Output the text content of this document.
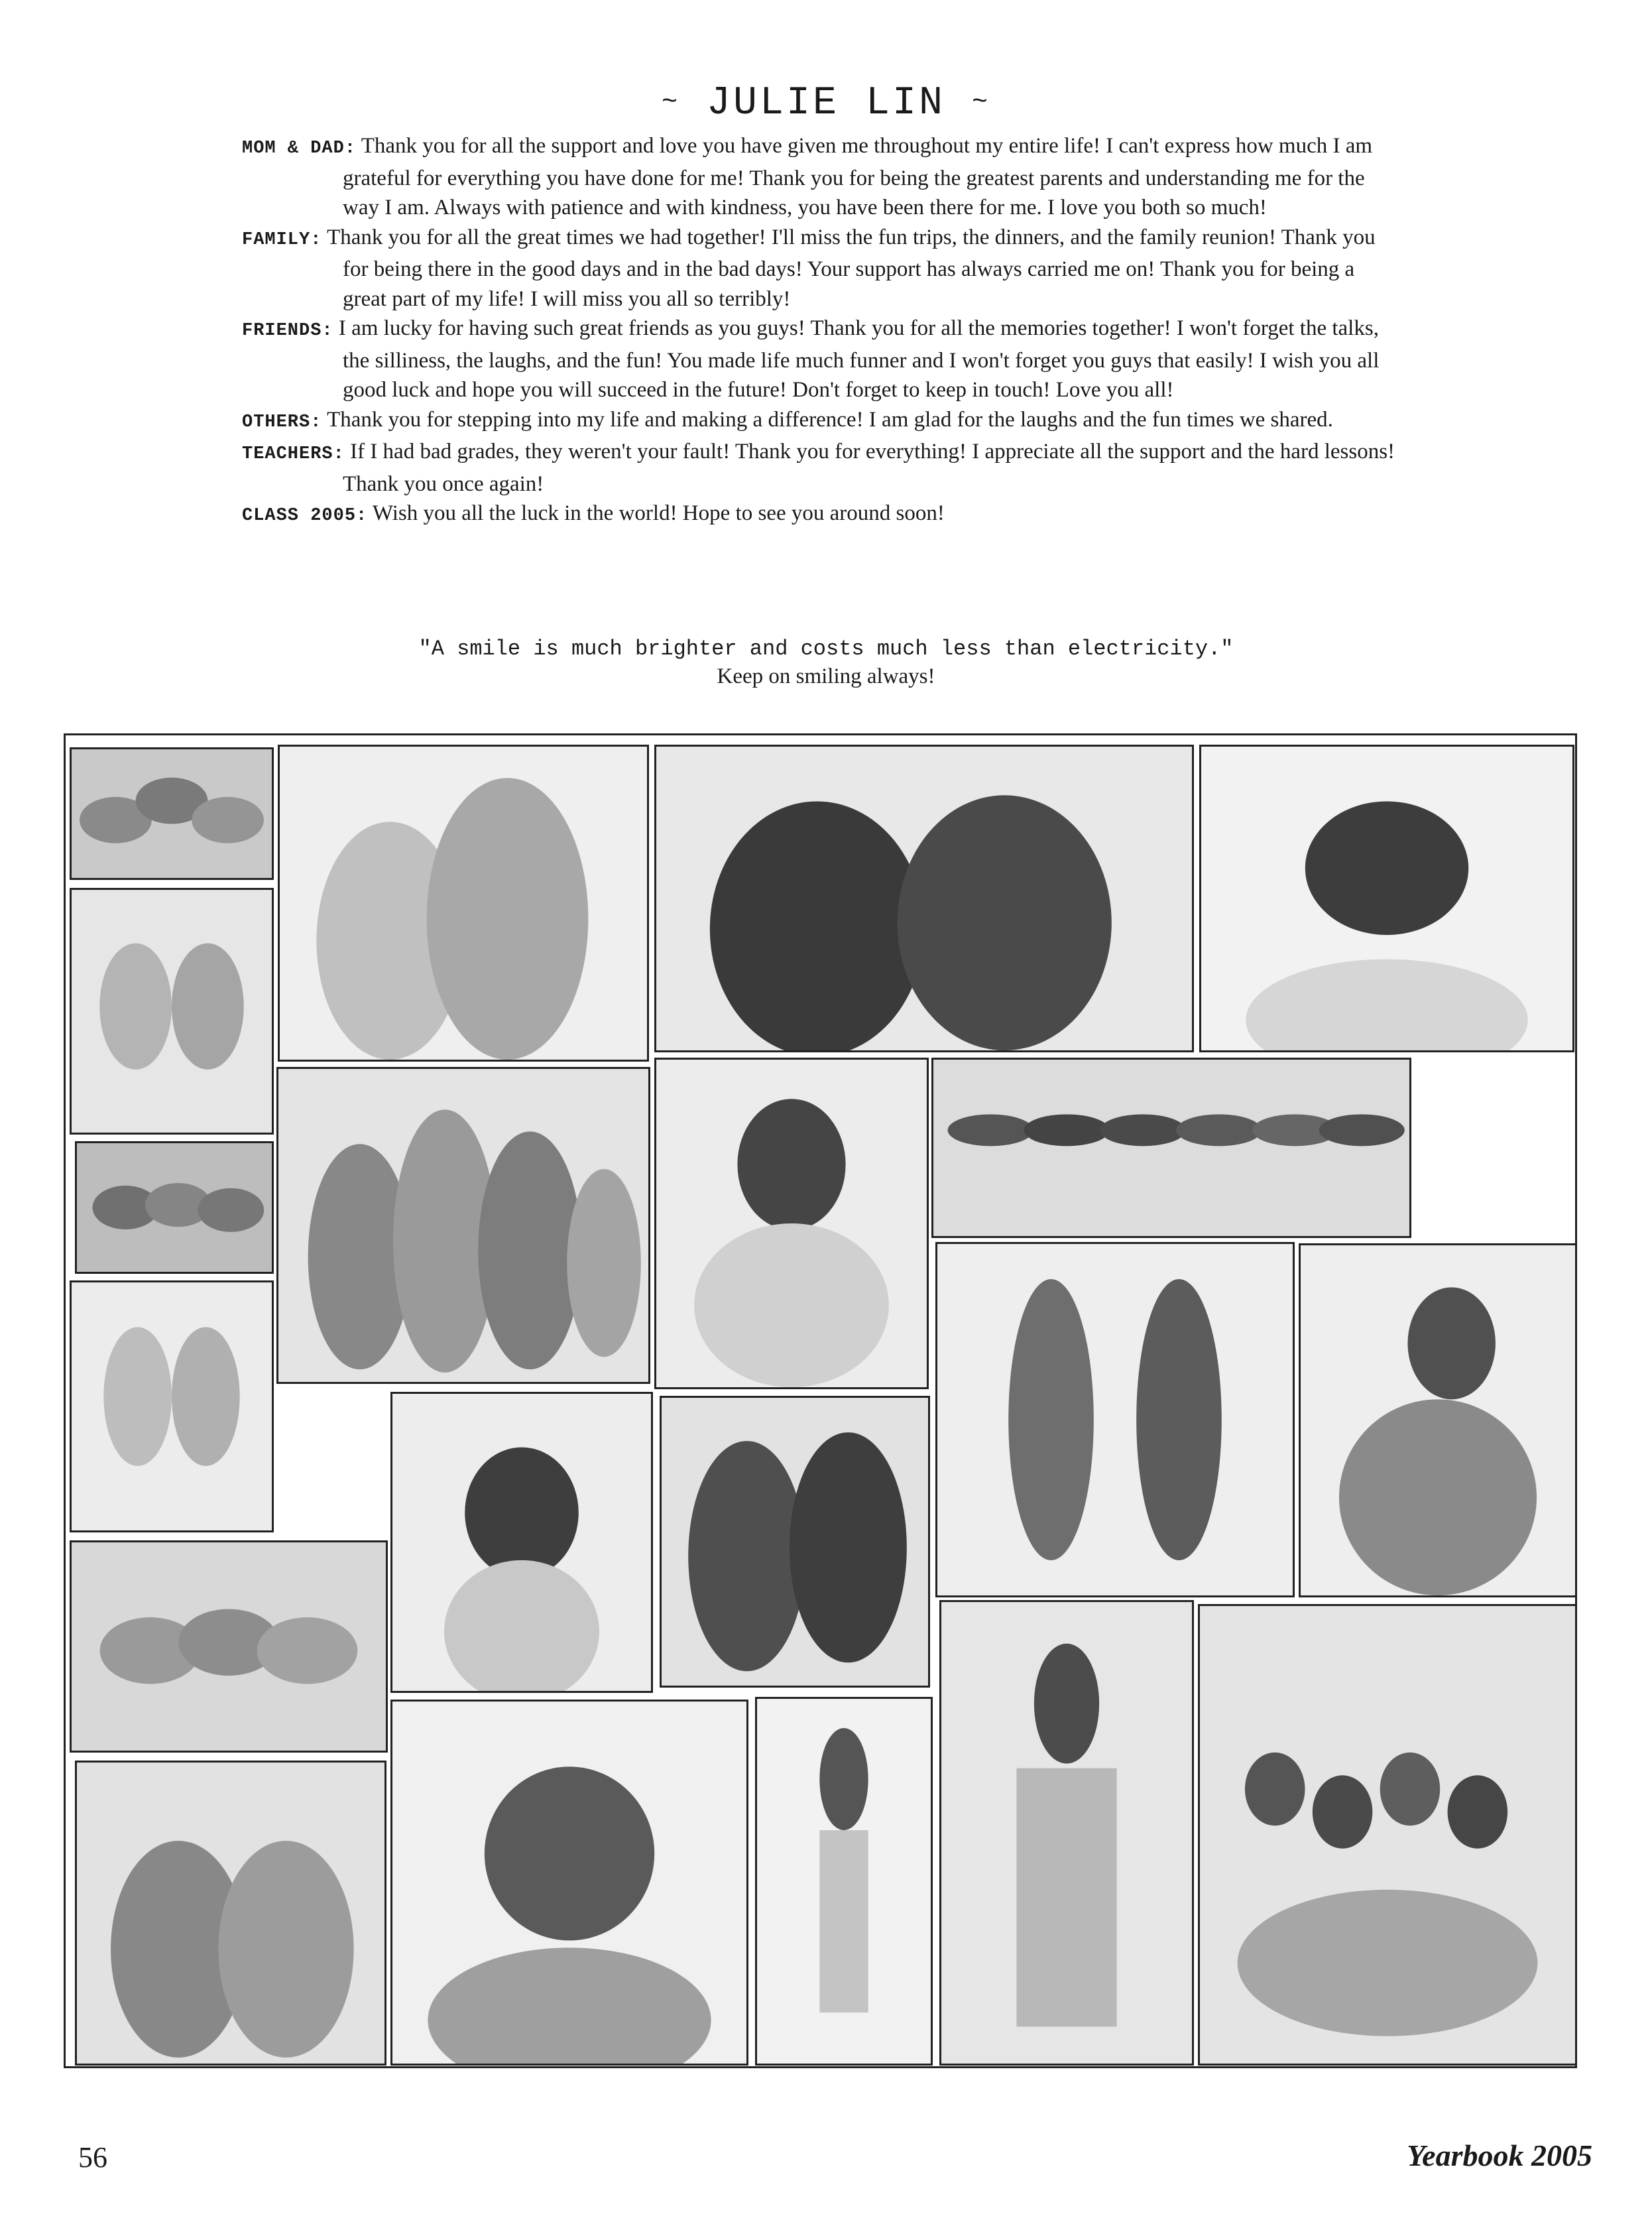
~ JULIE LIN ~

MOM & DAD: Thank you for all the support and love you have given me throughout my entire life! I can't express how much I am grateful for everything you have done for me! Thank you for being the greatest parents and understanding me for the way I am. Always with patience and with kindness, you have been there for me. I love you both so much!

FAMILY: Thank you for all the great times we had together! I'll miss the fun trips, the dinners, and the family reunion! Thank you for being there in the good days and in the bad days! Your support has always carried me on! Thank you for being a great part of my life! I will miss you all so terribly!

FRIENDS: I am lucky for having such great friends as you guys! Thank you for all the memories together! I won't forget the talks, the silliness, the laughs, and the fun! You made life much funner and I won't forget you guys that easily! I wish you all good luck and hope you will succeed in the future! Don't forget to keep in touch! Love you all!

OTHERS: Thank you for stepping into my life and making a difference! I am glad for the laughs and the fun times we shared.

TEACHERS: If I had bad grades, they weren't your fault! Thank you for everything! I appreciate all the support and the hard lessons! Thank you once again!

CLASS 2005: Wish you all the luck in the world! Hope to see you around soon!

"A smile is much brighter and costs much less than electricity."
Keep on smiling always!
56	Yearbook 2005
